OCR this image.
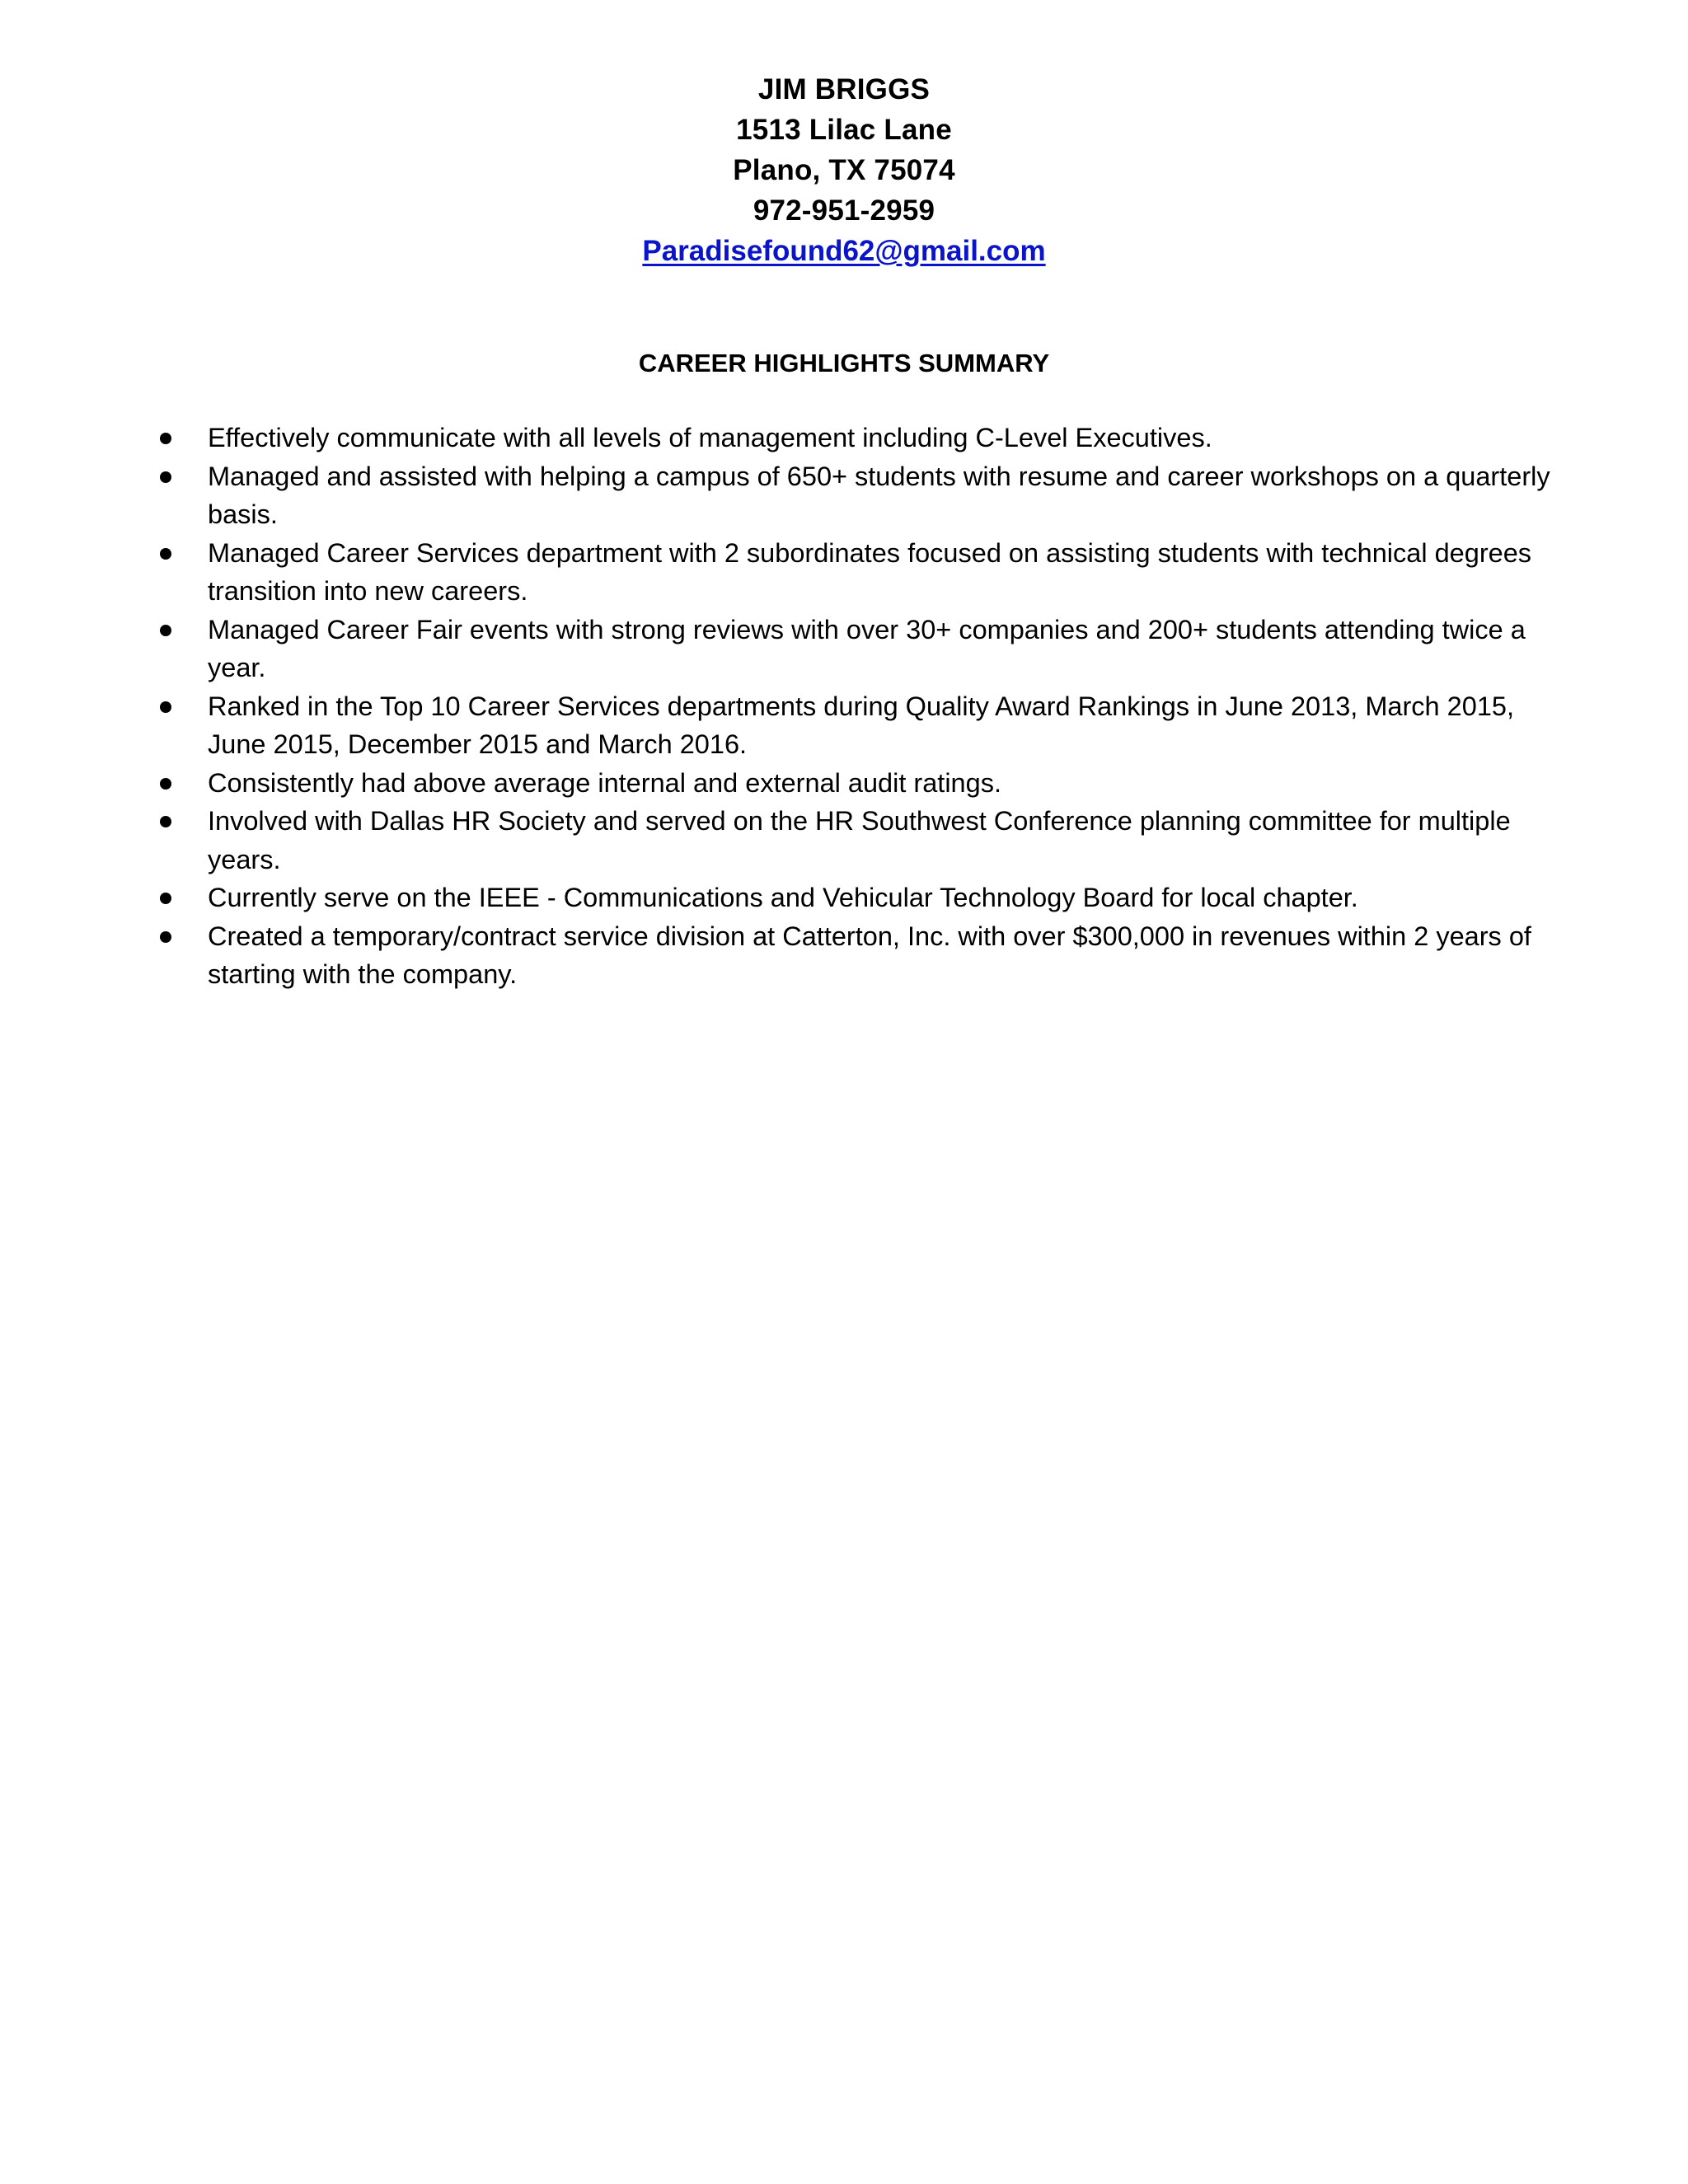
JIM BRIGGS
1513 Lilac Lane
Plano, TX 75074
972-951-2959
Paradisefound62@gmail.com
CAREER HIGHLIGHTS SUMMARY
Effectively communicate with all levels of management including C-Level Executives.
Managed and assisted with helping a campus of 650+ students with resume and career workshops on a quarterly basis.
Managed Career Services department with 2 subordinates focused on assisting students with technical degrees transition into new careers.
Managed Career Fair events with strong reviews with over 30+ companies and 200+ students attending twice a year.
Ranked in the Top 10 Career Services departments during Quality Award Rankings in June 2013, March 2015, June 2015, December 2015 and March 2016.
Consistently had above average internal and external audit ratings.
Involved with Dallas HR Society and served on the HR Southwest Conference planning committee for multiple years.
Currently serve on the IEEE - Communications and Vehicular Technology Board for local chapter.
Created a temporary/contract service division at Catterton, Inc. with over $300,000 in revenues within 2 years of starting with the company.
